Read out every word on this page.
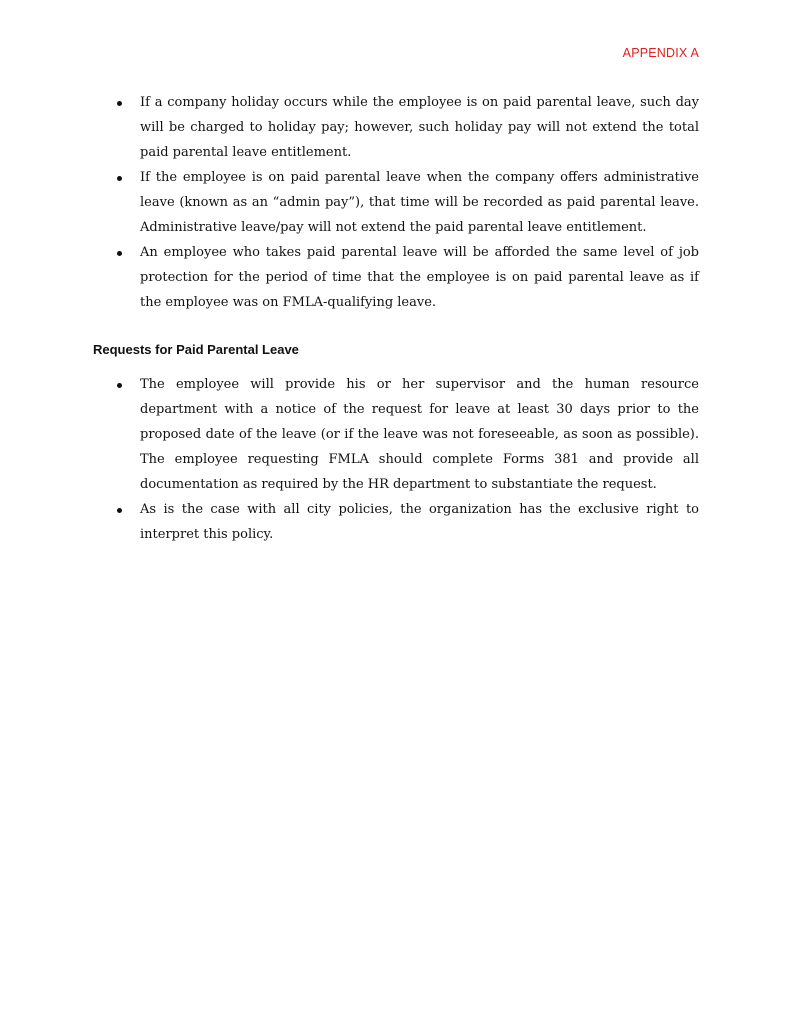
APPENDIX A
If a company holiday occurs while the employee is on paid parental leave, such day will be charged to holiday pay; however, such holiday pay will not extend the total paid parental leave entitlement.
If the employee is on paid parental leave when the company offers administrative leave (known as an “admin pay”), that time will be recorded as paid parental leave. Administrative leave/pay will not extend the paid parental leave entitlement.
An employee who takes paid parental leave will be afforded the same level of job protection for the period of time that the employee is on paid parental leave as if the employee was on FMLA-qualifying leave.
Requests for Paid Parental Leave
The employee will provide his or her supervisor and the human resource department with a notice of the request for leave at least 30 days prior to the proposed date of the leave (or if the leave was not foreseeable, as soon as possible). The employee requesting FMLA should complete Forms 381 and provide all documentation as required by the HR department to substantiate the request.
As is the case with all city policies, the organization has the exclusive right to interpret this policy.
